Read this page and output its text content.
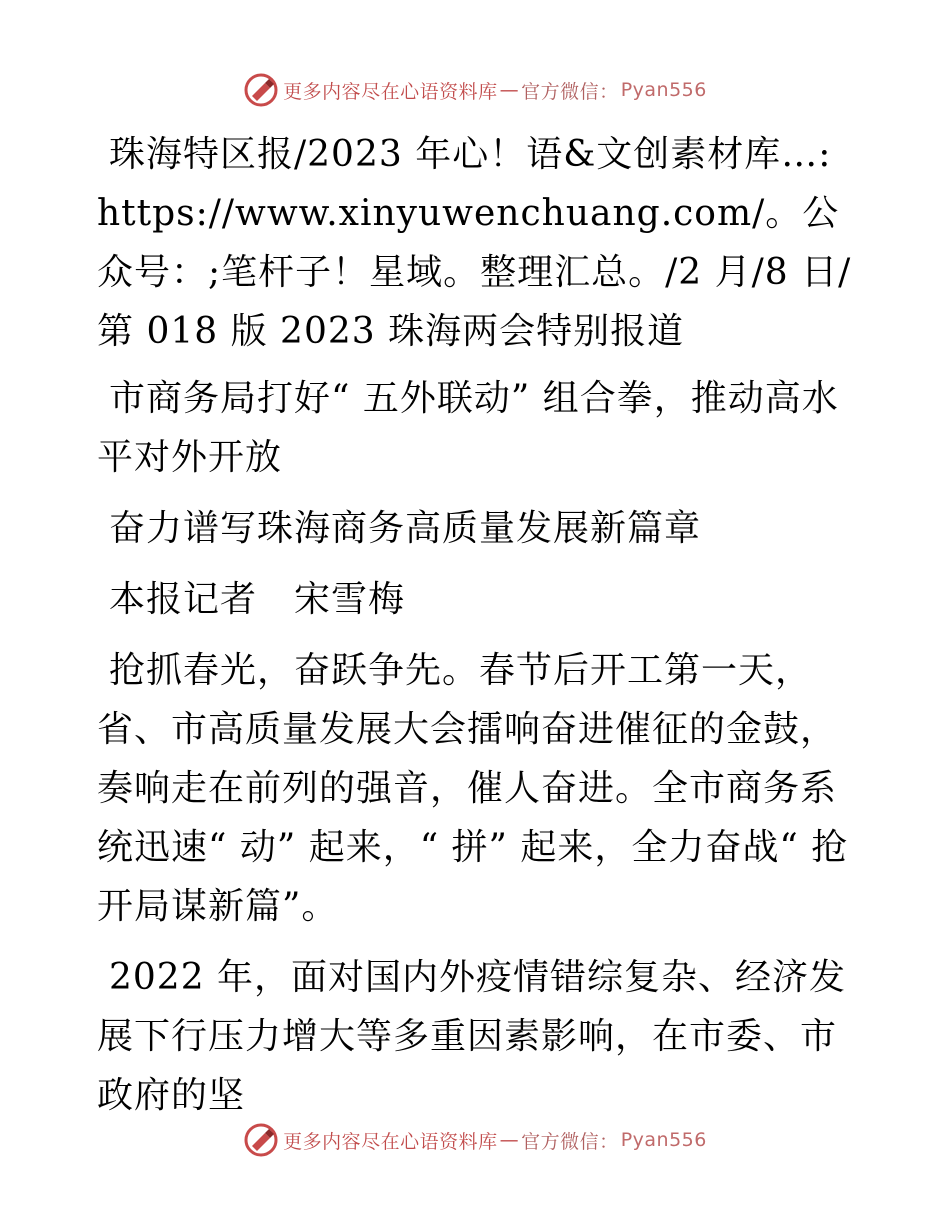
更多内容尽在心语资料库 — 官方微信： Pyan556

珠海特区报/2023 年心！语&文创素材库…: https://www.xinyuwenchuang.com/。公众号：;笔杆子！星域。整理汇总。/2 月/8 日/第 018 版 2023 珠海两会特别报道

市商务局打好“ 五外联动” 组合拳，推动高水平对外开放

奋力谱写珠海商务高质量发展新篇章

本报记者　宋雪梅

抢抓春光，奋跃争先。春节后开工第一天，省、市高质量发展大会擂响奋进催征的金鼓，奏响走在前列的强音，催人奋进。全市商务系统迅速“ 动” 起来，“ 拼” 起来，全力奋战“ 抢开局谋新篇”。

2022 年，面对国内外疫情错综复杂、经济发展下行压力增大等多重因素影响，在市委、市政府的坚

更多内容尽在心语资料库 — 官方微信： Pyan556
